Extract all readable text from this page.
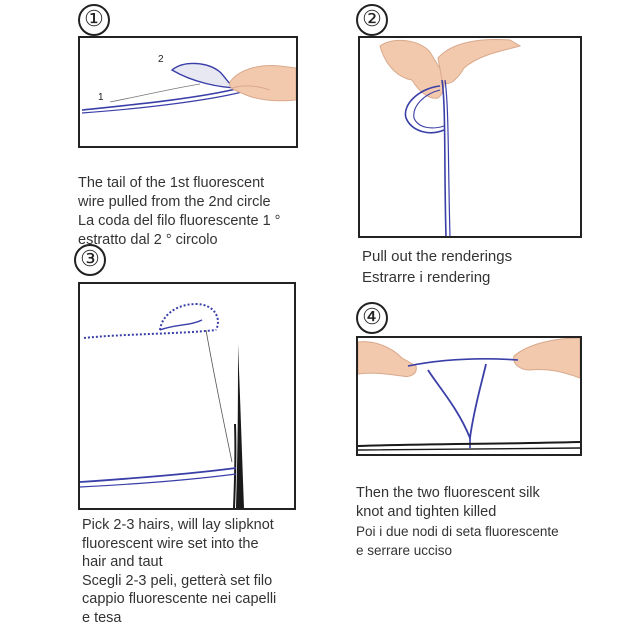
①
1
2

The tail of the 1st fluorescent

wire pulled from the 2nd circle

La coda del filo fluorescente 1 °

estratto dal 2 ° circolo

②

Pull out the renderings

Estrarre i rendering

③

Pick 2-3 hairs, will lay slipknot

fluorescent wire set into the

hair and taut

Scegli 2-3 peli, getterà set filo

cappio fluorescente nei capelli

e tesa

④

Then the two fluorescent silk

knot and tighten killed

Poi i due nodi di seta fluorescente

e serrare ucciso
